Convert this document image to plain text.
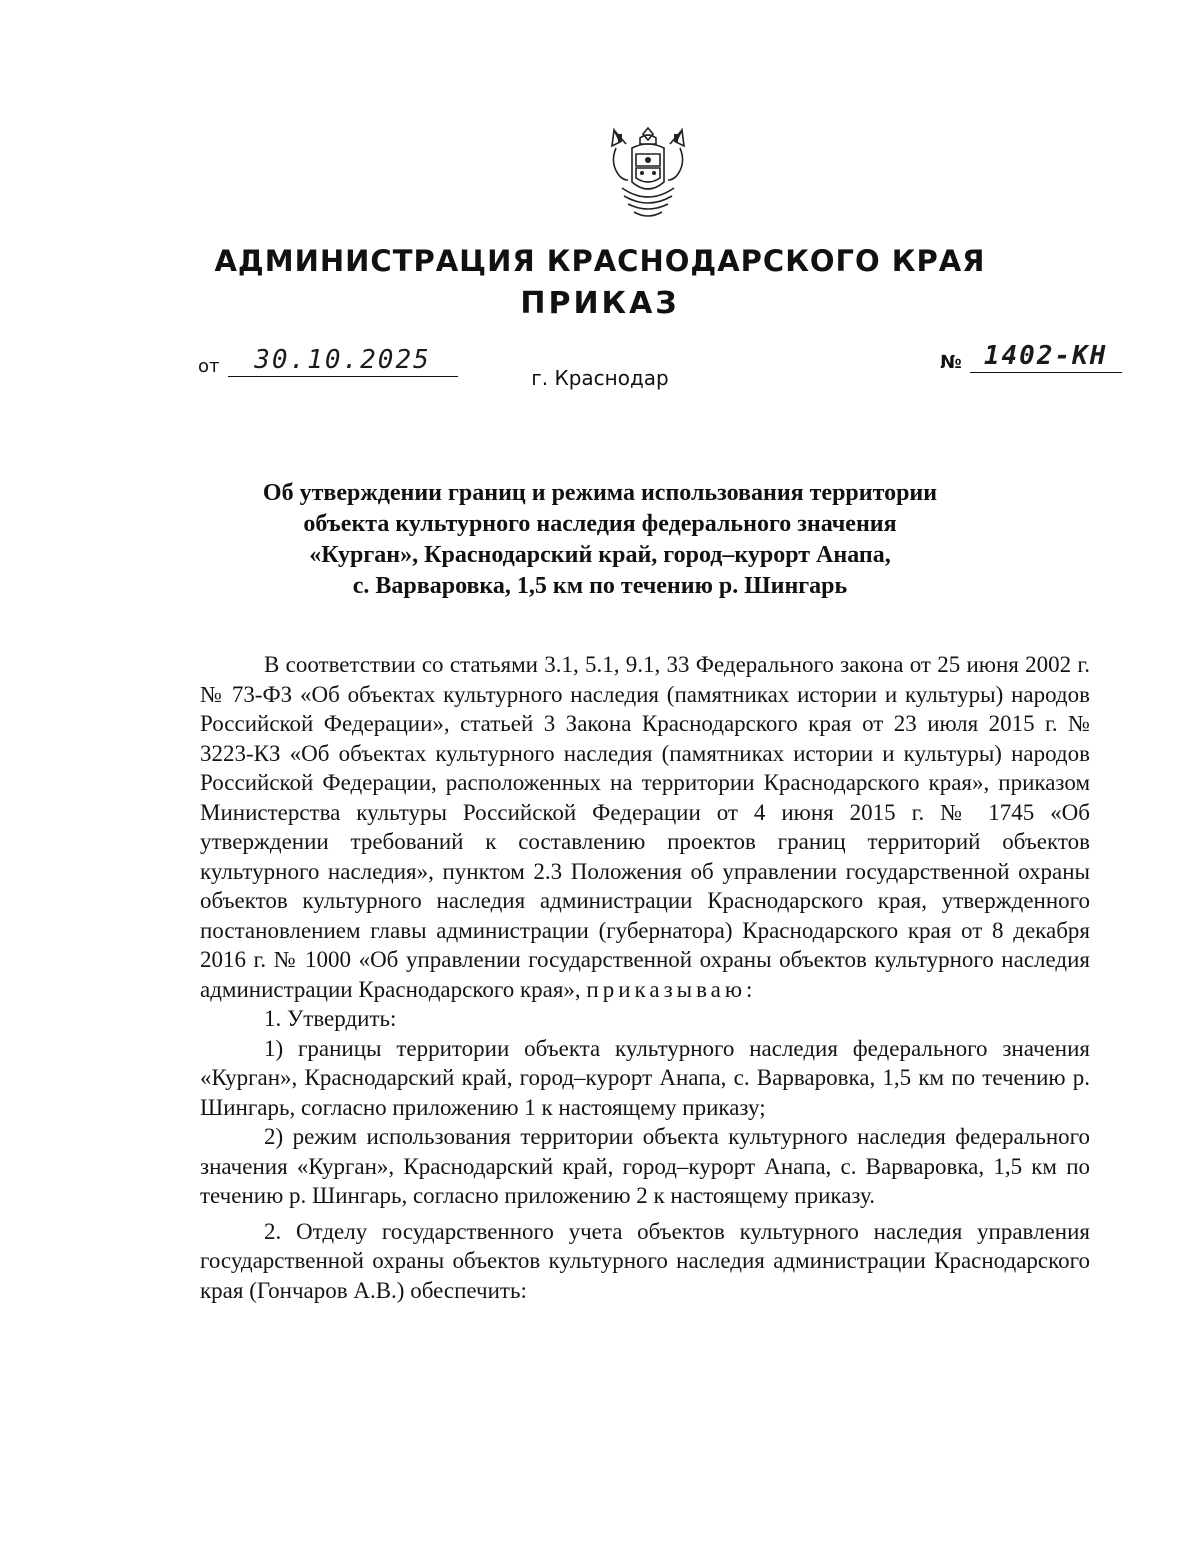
АДМИНИСТРАЦИЯ КРАСНОДАРСКОГО КРАЯ
ПРИКАЗ
от	30.10.2025	№ 1402-КН
г. Краснодар
Об утверждении границ и режима использования территории
объекта культурного наследия федерального значения
«Курган», Краснодарский край, город–курорт Анапа,
с. Варваровка, 1,5 км по течению р. Шингарь

В соответствии со статьями 3.1, 5.1, 9.1, 33 Федерального закона от 25 июня 2002 г. № 73-ФЗ «Об объектах культурного наследия (памятниках истории и культуры) народов Российской Федерации», статьей 3 Закона Краснодарского края от 23 июля 2015 г. № 3223-КЗ «Об объектах культурного наследия (памятниках истории и культуры) народов Российской Федерации, расположенных на территории Краснодарского края», приказом Министерства культуры Российской Федерации от 4 июня 2015 г. № 1745 «Об утверждении требований к составлению проектов границ территорий объектов культурного наследия», пунктом 2.3 Положения об управлении государственной охраны объектов культурного наследия администрации Краснодарского края, утвержденного постановлением главы администрации (губернатора) Краснодарского края от 8 декабря 2016 г. № 1000 «Об управлении государственной охраны объектов культурного наследия администрации Краснодарского края», приказываю:

1. Утвердить:

1) границы территории объекта культурного наследия федерального значения «Курган», Краснодарский край, город–курорт Анапа, с. Варваровка, 1,5 км по течению р. Шингарь, согласно приложению 1 к настоящему приказу;

2) режим использования территории объекта культурного наследия федерального значения «Курган», Краснодарский край, город–курорт Анапа, с. Варваровка, 1,5 км по течению р. Шингарь, согласно приложению 2 к настоящему приказу.

2. Отделу государственного учета объектов культурного наследия управления государственной охраны объектов культурного наследия администрации Краснодарского края (Гончаров А.В.) обеспечить:
